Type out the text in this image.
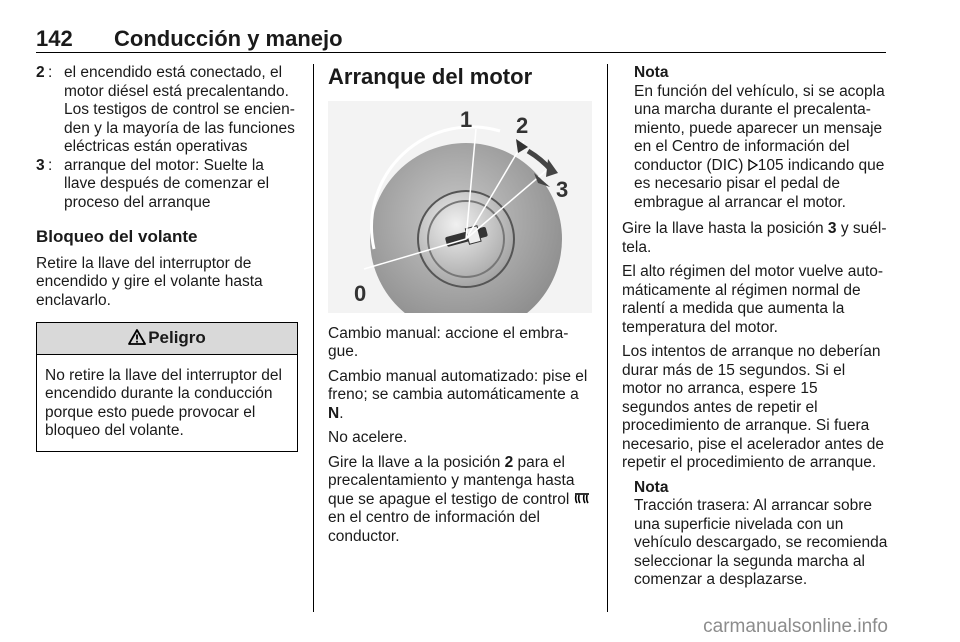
142 Conducción y manejo
2 : el encendido está conectado, el motor diésel está precalentando. Los testigos de control se encienden y la mayoría de las funciones eléctricas están operativas
3 : arranque del motor: Suelte la llave después de comenzar el proceso del arranque
Bloqueo del volante

Retire la llave del interruptor de encendido y gire el volante hasta enclavarlo.

Peligro
No retire la llave del interruptor del encendido durante la conducción porque esto puede provocar el bloqueo del volante.
Arranque del motor
0
1 2
3

Cambio manual: accione el embrague.

Cambio manual automatizado: pise el freno; se cambia automáticamente a N.

No acelere.

Gire la llave a la posición 2 para el precalentamiento y mantenga hasta que se apague el testigo de control  en el centro de información del conductor.

Nota
En función del vehículo, si se acopla una marcha durante el precalentamiento, puede aparecer un mensaje en el Centro de información del conductor (DIC) 105 indicando que es necesario pisar el pedal de embrague al arrancar el motor.

Gire la llave hasta la posición 3 y suéltela.

El alto régimen del motor vuelve automáticamente al régimen normal de ralentí a medida que aumenta la temperatura del motor.

Los intentos de arranque no deberían durar más de 15 segundos. Si el motor no arranca, espere 15 segundos antes de repetir el procedimiento de arranque. Si fuera necesario, pise el acelerador antes de repetir el procedimiento de arranque.

Nota
Tracción trasera: Al arrancar sobre una superficie nivelada con un vehículo descargado, se recomienda seleccionar la segunda marcha al comenzar a desplazarse.
carmanualsonline.info
